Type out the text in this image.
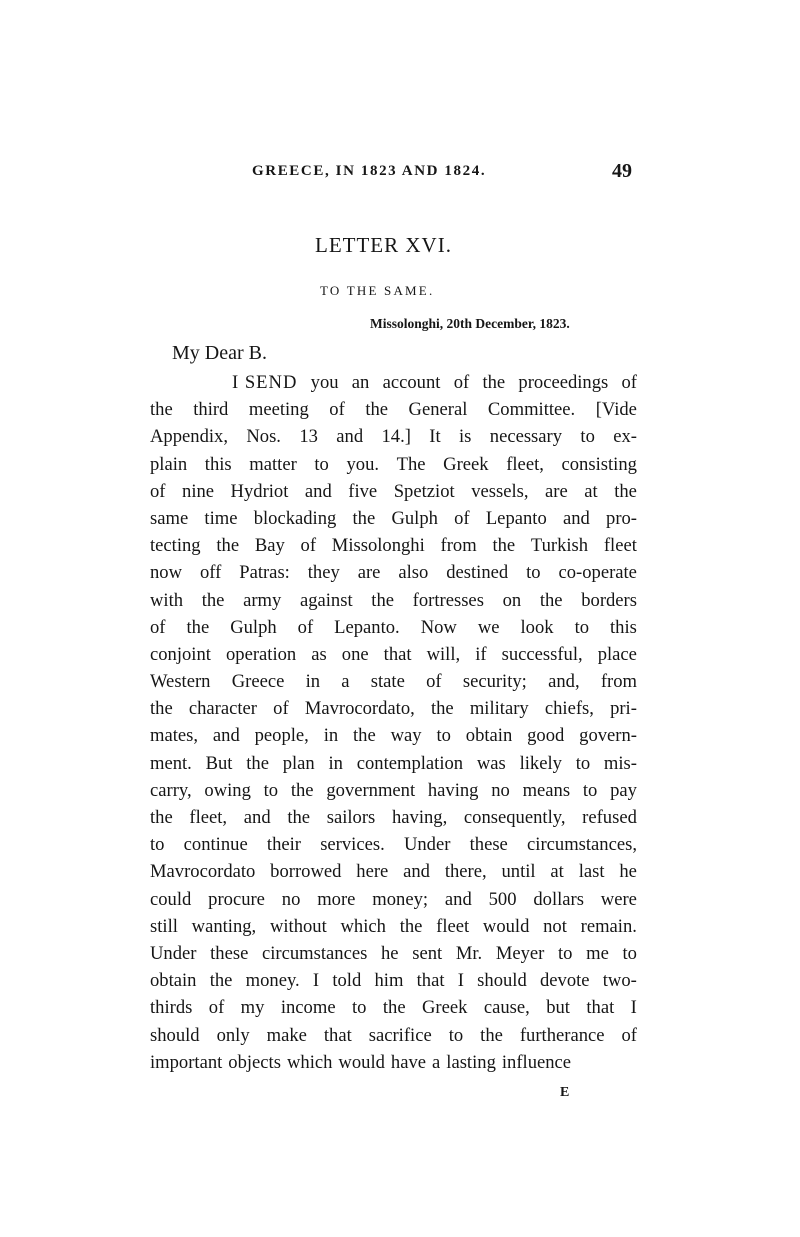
GREECE, IN 1823 AND 1824.	49
LETTER XVI.
TO THE SAME.
Missolonghi, 20th December, 1823.
My Dear B.
I SEND you an account of the proceedings of
the third meeting of the General Committee. [Vide
Appendix, Nos. 13 and 14.] It is necessary to ex-
plain this matter to you. The Greek fleet, consisting
of nine Hydriot and five Spetziot vessels, are at the
same time blockading the Gulph of Lepanto and pro-
tecting the Bay of Missolonghi from the Turkish fleet
now off Patras: they are also destined to co-operate
with the army against the fortresses on the borders
of the Gulph of Lepanto. Now we look to this
conjoint operation as one that will, if successful, place
Western Greece in a state of security; and, from
the character of Mavrocordato, the military chiefs, pri-
mates, and people, in the way to obtain good govern-
ment. But the plan in contemplation was likely to mis-
carry, owing to the government having no means to pay
the fleet, and the sailors having, consequently, refused
to continue their services. Under these circumstances,
Mavrocordato borrowed here and there, until at last he
could procure no more money; and 500 dollars were
still wanting, without which the fleet would not remain.
Under these circumstances he sent Mr. Meyer to me to
obtain the money. I told him that I should devote two-
thirds of my income to the Greek cause, but that I
should only make that sacrifice to the furtherance of
important objects which would have a lasting influence
E
